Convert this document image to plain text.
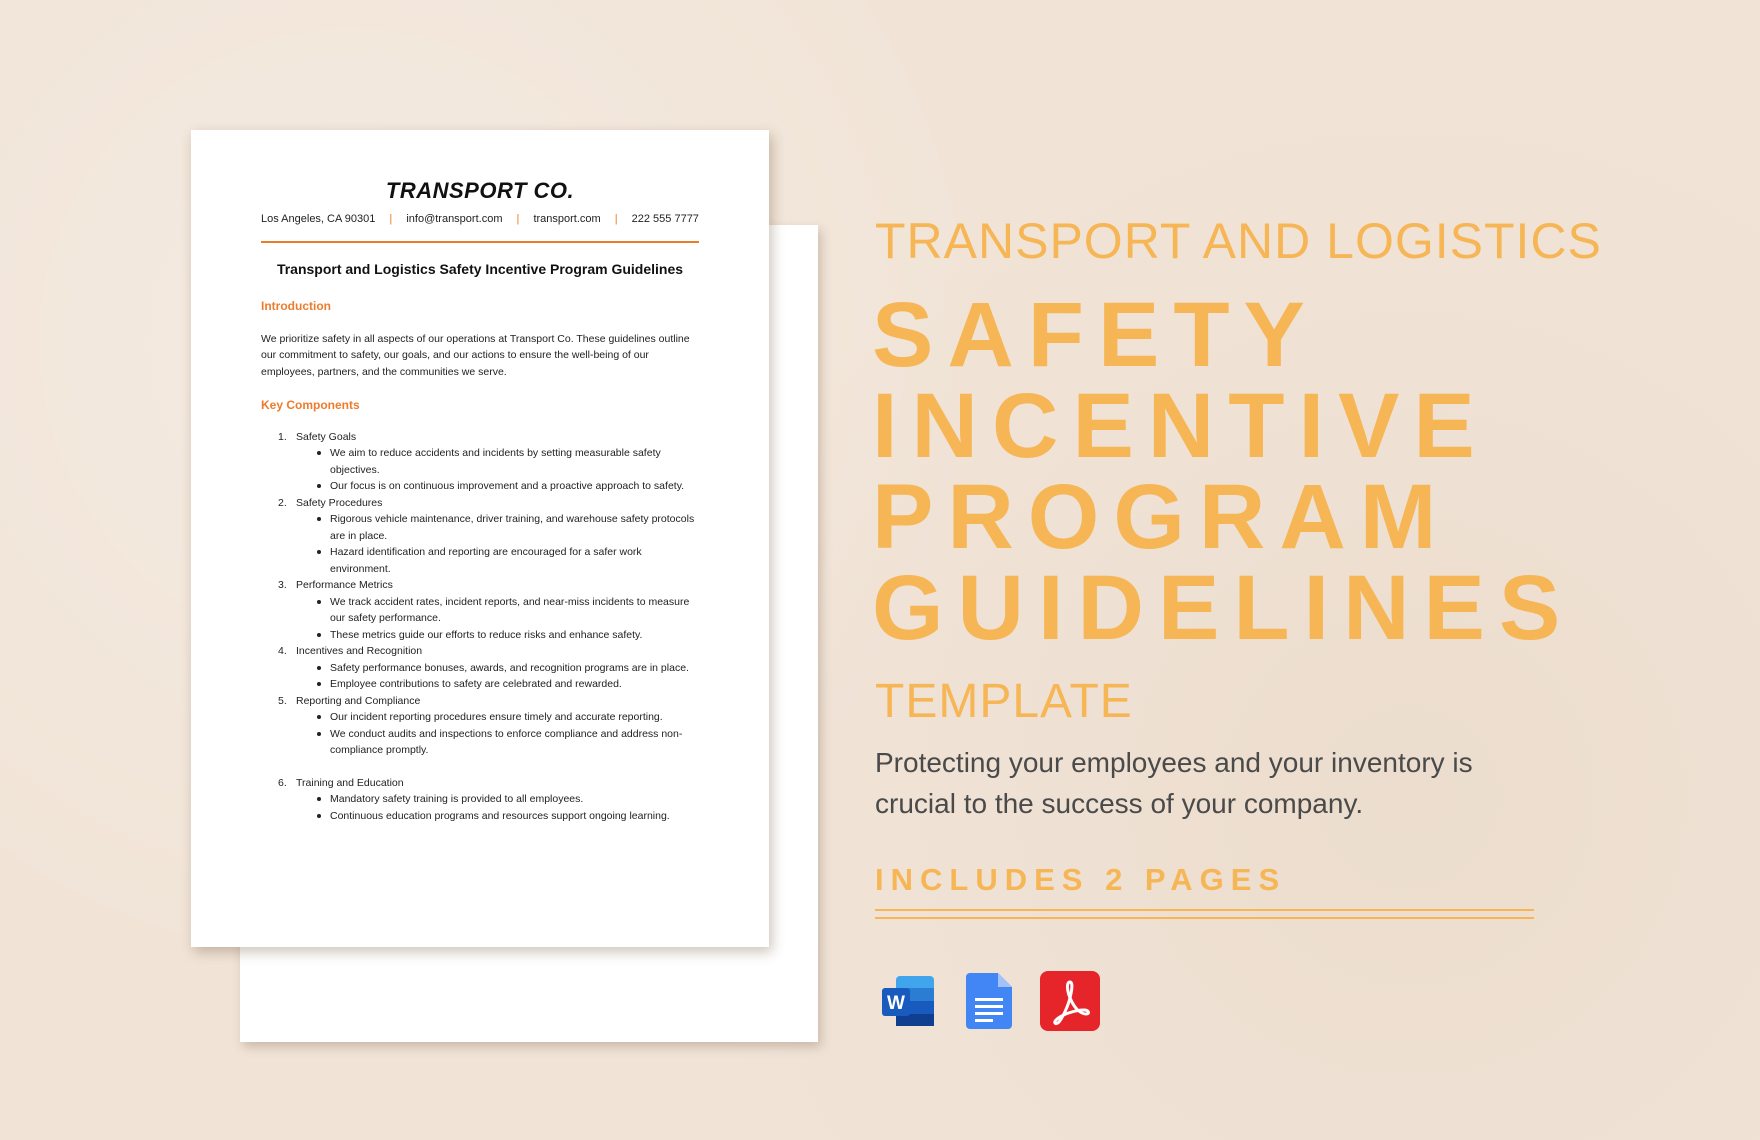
TRANSPORT CO.
Los Angeles, CA 90301 | info@transport.com | transport.com | 222 555 7777
Transport and Logistics Safety Incentive Program Guidelines
Introduction

We prioritize safety in all aspects of our operations at Transport Co. These guidelines outline our commitment to safety, our goals, and our actions to ensure the well-being of our employees, partners, and the communities we serve.

Key Components
1. Safety Goals
We aim to reduce accidents and incidents by setting measurable safety objectives.
Our focus is on continuous improvement and a proactive approach to safety.
2. Safety Procedures
Rigorous vehicle maintenance, driver training, and warehouse safety protocols are in place.
Hazard identification and reporting are encouraged for a safer work environment.
3. Performance Metrics
We track accident rates, incident reports, and near-miss incidents to measure our safety performance.
These metrics guide our efforts to reduce risks and enhance safety.
4. Incentives and Recognition
Safety performance bonuses, awards, and recognition programs are in place.
Employee contributions to safety are celebrated and rewarded.
5. Reporting and Compliance
Our incident reporting procedures ensure timely and accurate reporting.
We conduct audits and inspections to enforce compliance and address non-compliance promptly.
6. Training and Education
Mandatory safety training is provided to all employees.
Continuous education programs and resources support ongoing learning.
TRANSPORT AND LOGISTICS
SAFETY
INCENTIVE
PROGRAM
GUIDELINES
TEMPLATE

Protecting your employees and your inventory is crucial to the success of your company.

INCLUDES 2 PAGES
W
